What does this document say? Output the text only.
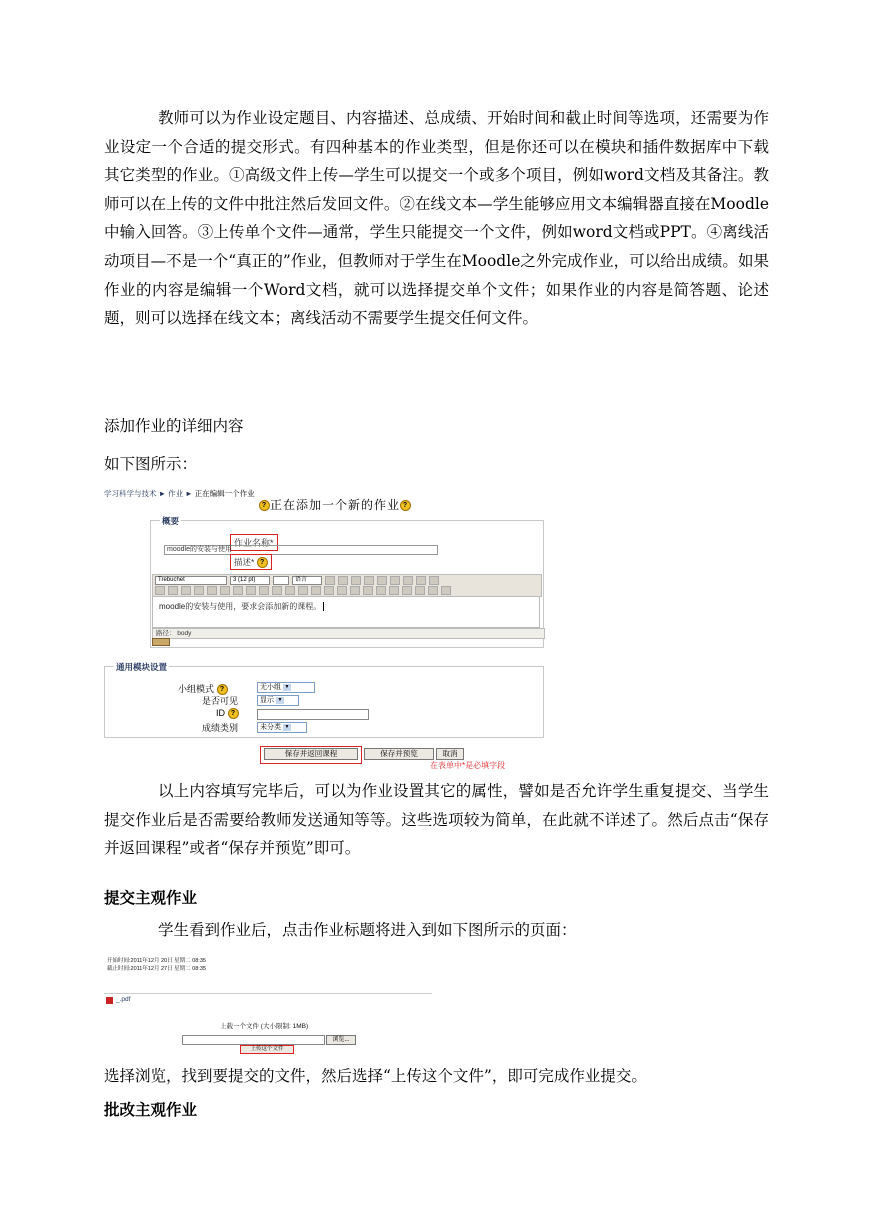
教师可以为作业设定题目、内容描述、总成绩、开始时间和截止时间等选项，还需要为作业设定一个合适的提交形式。有四种基本的作业类型，但是你还可以在模块和插件数据库中下载其它类型的作业。①高级文件上传—学生可以提交一个或多个项目，例如word文档及其备注。教师可以在上传的文件中批注然后发回文件。②在线文本—学生能够应用文本编辑器直接在Moodle中输入回答。③上传单个文件—通常，学生只能提交一个文件，例如word文档或PPT。④离线活动项目—不是一个“真正的”作业，但教师对于学生在Moodle之外完成作业，可以给出成绩。如果作业的内容是编辑一个Word文档，就可以选择提交单个文件；如果作业的内容是简答题、论述题，则可以选择在线文本；离线活动不需要学生提交任何文件。

添加作业的详细内容

如下图所示：

学习科学与技术 ► 作业 ► 正在编辑一个作业
? 正在添加一个新的作业 ?
概要
作业名称*
moodle的安装与使用
描述* ?
Trebuchet	3 (12 pt)	语言
moodle的安装与使用，要求会添加新的课程。
路径： body
通用模块设置
小组模式 ?	无小组 ▼
是否可见	显示 ▼
ID ?
成绩类别	未分类 ▼
保存并返回课程	保存并预览	取消
在表单中*是必填字段

以上内容填写完毕后，可以为作业设置其它的属性，譬如是否允许学生重复提交、当学生提交作业后是否需要给教师发送通知等等。这些选项较为简单，在此就不详述了。然后点击“保存并返回课程”或者“保存并预览”即可。

提交主观作业

学生看到作业后，点击作业标题将进入到如下图所示的页面：

开始时间:2011年12月 20日 星期二 08:35
截止时间:2011年12月 27日 星期二 08:35
_.pdf
上载一个文件 (大小限制: 1MB)
浏览...
上传这个文件

选择浏览，找到要提交的文件，然后选择“上传这个文件”，即可完成作业提交。

批改主观作业
